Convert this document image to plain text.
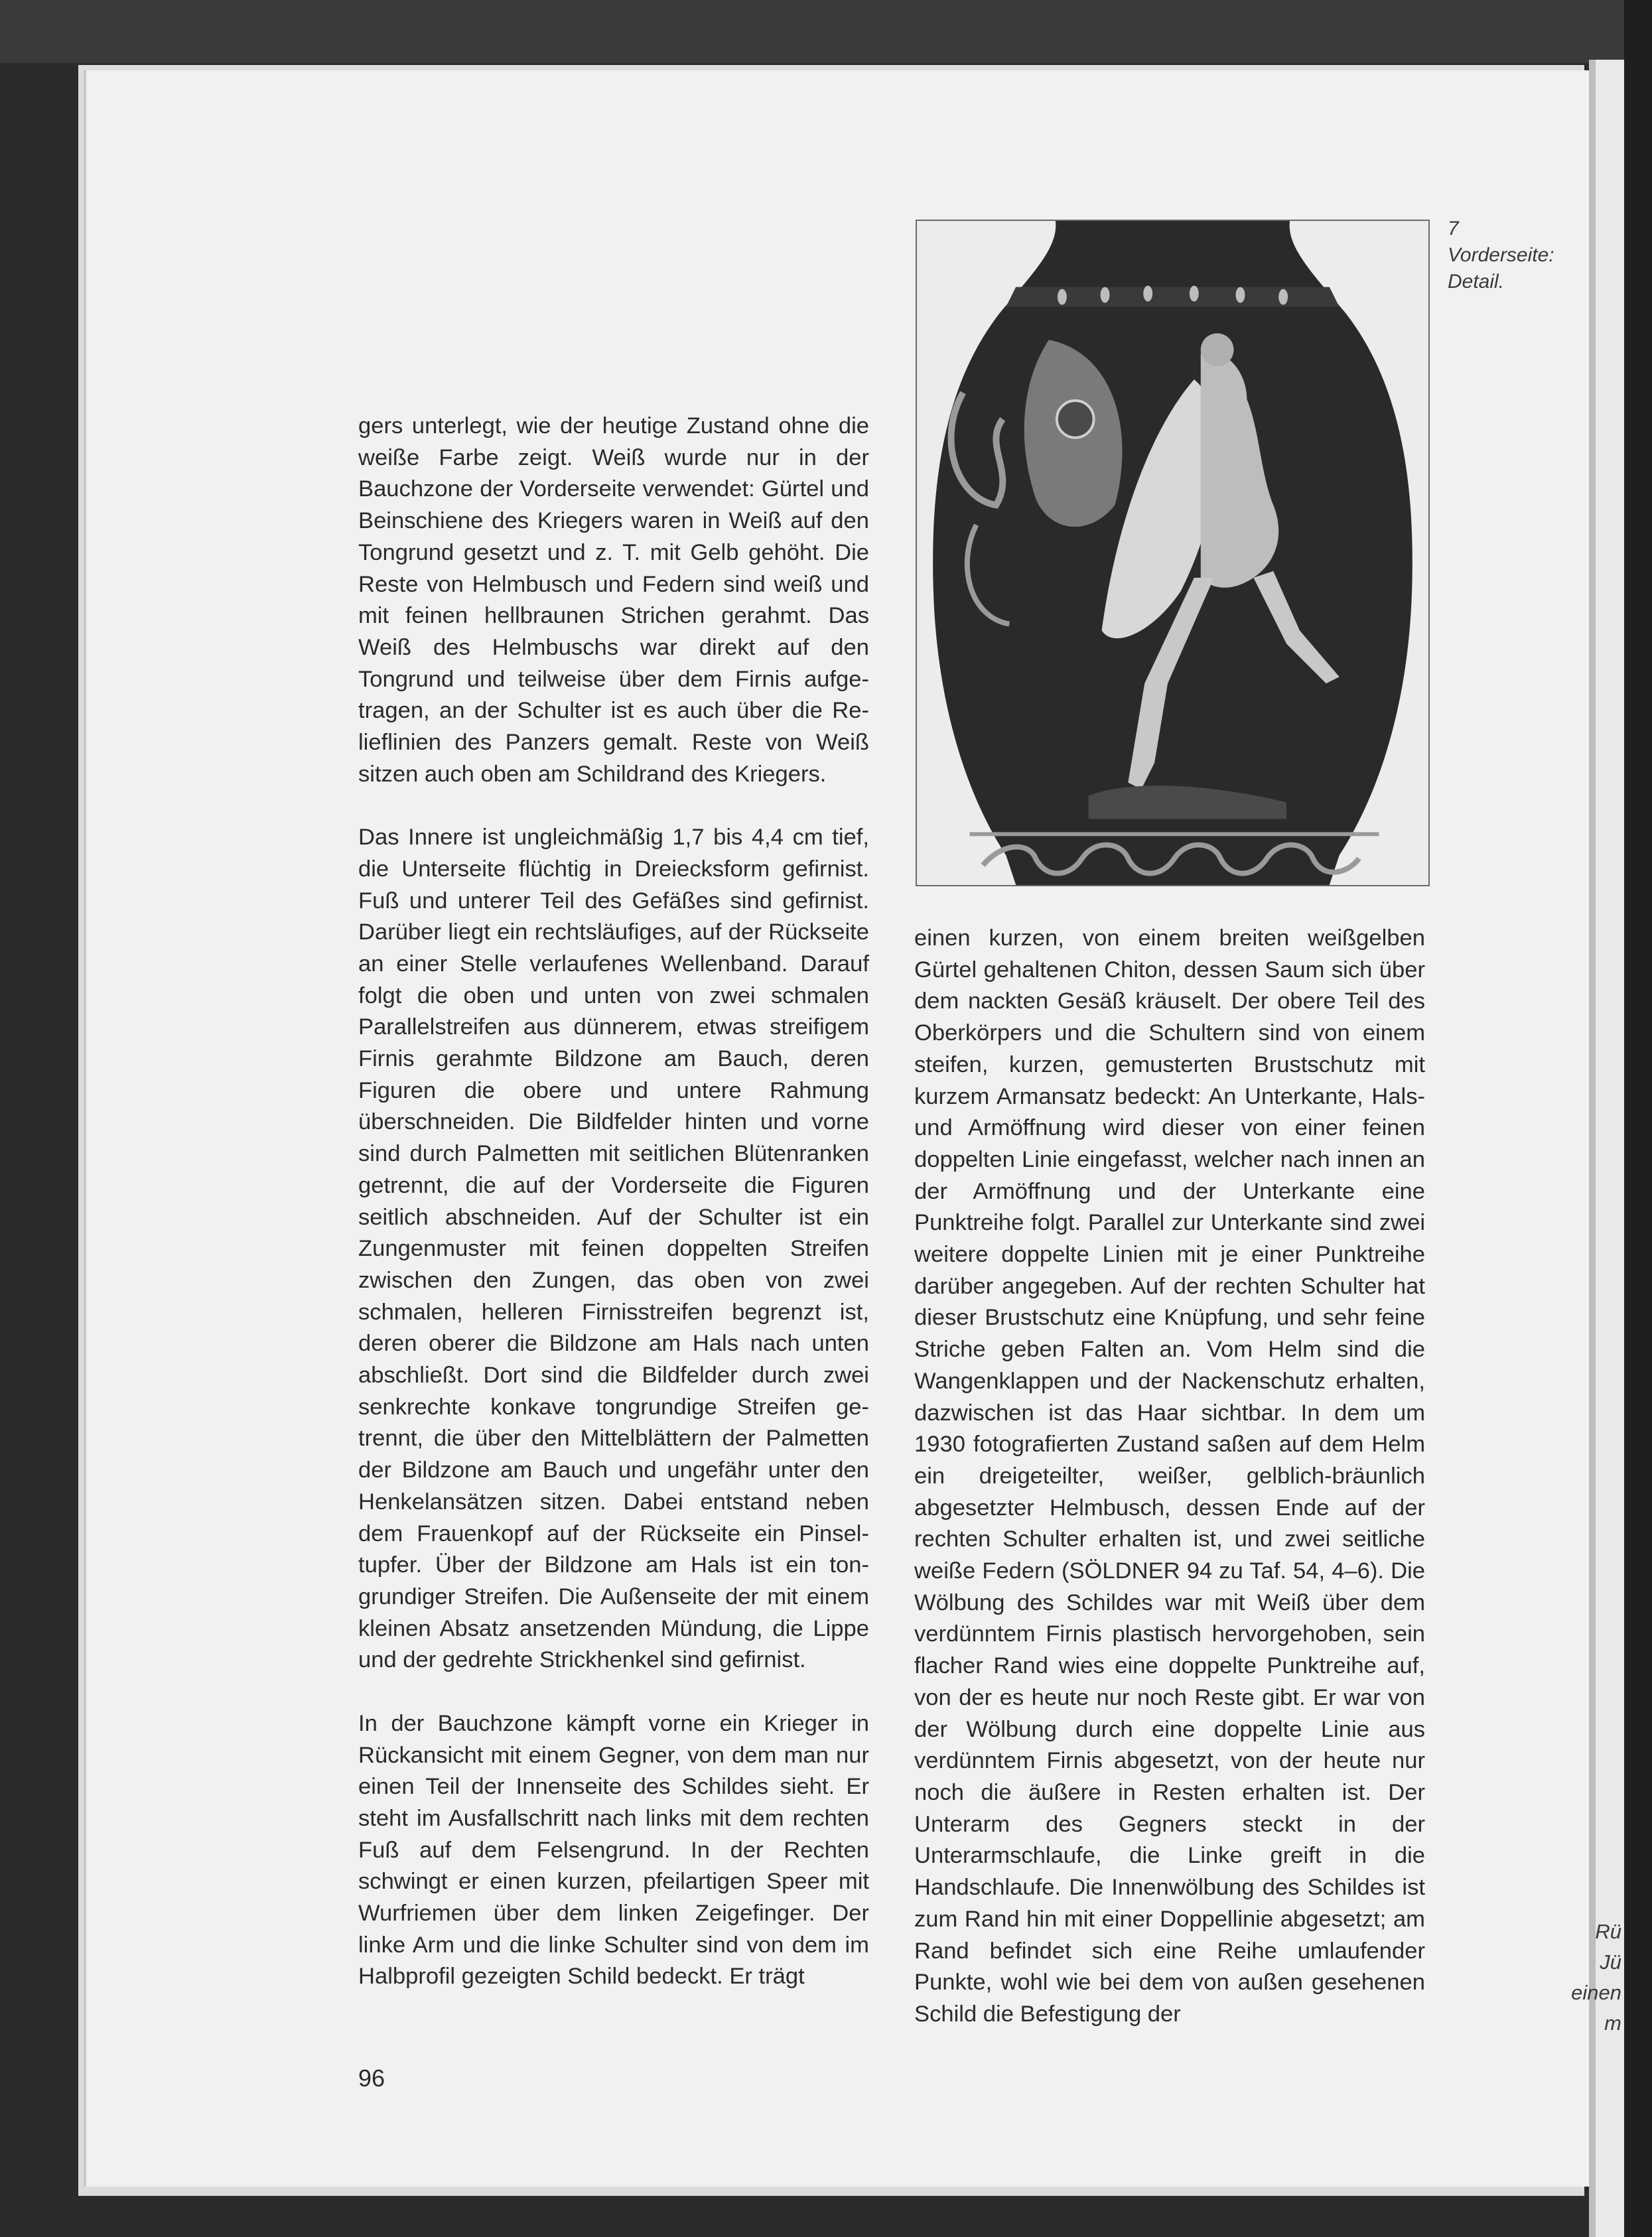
Rü
Jü
einen
m

gers unterlegt, wie der heutige Zustand ohne die weiße Farbe zeigt. Weiß wurde nur in der Bauchzone der Vorderseite verwendet: Gürtel und Beinschiene des Kriegers waren in Weiß auf den Tongrund gesetzt und z. T. mit Gelb gehöht. Die Reste von Helmbusch und Federn sind weiß und mit feinen hellbraunen Strichen gerahmt. Das Weiß des Helmbuschs war direkt auf den Tongrund und teilweise über dem Firnis aufgetragen, an der Schulter ist es auch über die Relieflinien des Panzers gemalt. Reste von Weiß sitzen auch oben am Schildrand des Kriegers.

Das Innere ist ungleichmäßig 1,7 bis 4,4 cm tief, die Unterseite flüchtig in Dreiecksform gefirnist. Fuß und unterer Teil des Gefäßes sind gefirnist. Darüber liegt ein rechtsläufiges, auf der Rückseite an einer Stelle verlaufenes Wellenband. Darauf folgt die oben und unten von zwei schmalen Parallelstreifen aus dünnerem, etwas streifigem Firnis gerahmte Bildzone am Bauch, deren Figuren die obere und untere Rahmung überschneiden. Die Bildfelder hinten und vorne sind durch Palmetten mit seitlichen Blütenranken getrennt, die auf der Vorderseite die Figuren seitlich abschneiden. Auf der Schulter ist ein Zungenmuster mit feinen doppelten Streifen zwischen den Zungen, das oben von zwei schmalen, helleren Firnisstreifen begrenzt ist, deren oberer die Bildzone am Hals nach unten abschließt. Dort sind die Bildfelder durch zwei senkrechte konkave tongrundige Streifen getrennt, die über den Mittelblättern der Palmetten der Bildzone am Bauch und ungefähr unter den Henkelansätzen sitzen. Dabei entstand neben dem Frauenkopf auf der Rückseite ein Pinseltupfer. Über der Bildzone am Hals ist ein tongrundiger Streifen. Die Außenseite der mit einem kleinen Absatz ansetzenden Mündung, die Lippe und der gedrehte Strickhenkel sind gefirnist.

In der Bauchzone kämpft vorne ein Krieger in Rückansicht mit einem Gegner, von dem man nur einen Teil der Innenseite des Schildes sieht. Er steht im Ausfallschritt nach links mit dem rechten Fuß auf dem Felsengrund. In der Rechten schwingt er einen kurzen, pfeilartigen Speer mit Wurfriemen über dem linken Zeigefinger. Der linke Arm und die linke Schulter sind von dem im Halbprofil gezeigten Schild bedeckt. Er trägt

7
Vorderseite:
Detail.

einen kurzen, von einem breiten weißgelben Gürtel gehaltenen Chiton, dessen Saum sich über dem nackten Gesäß kräuselt. Der obere Teil des Oberkörpers und die Schultern sind von einem steifen, kurzen, gemusterten Brustschutz mit kurzem Armansatz bedeckt: An Unterkante, Hals- und Armöffnung wird dieser von einer feinen doppelten Linie eingefasst, welcher nach innen an der Armöffnung und der Unterkante eine Punktreihe folgt. Parallel zur Unterkante sind zwei weitere doppelte Linien mit je einer Punktreihe darüber angegeben. Auf der rechten Schulter hat dieser Brustschutz eine Knüpfung, und sehr feine Striche geben Falten an. Vom Helm sind die Wangenklappen und der Nackenschutz erhalten, dazwischen ist das Haar sichtbar. In dem um 1930 fotografierten Zustand saßen auf dem Helm ein dreigeteilter, weißer, gelblich-bräunlich abgesetzter Helmbusch, dessen Ende auf der rechten Schulter erhalten ist, und zwei seitliche weiße Federn (SÖLDNER 94 zu Taf. 54, 4–6). Die Wölbung des Schildes war mit Weiß über dem verdünntem Firnis plastisch hervorgehoben, sein flacher Rand wies eine doppelte Punktreihe auf, von der es heute nur noch Reste gibt. Er war von der Wölbung durch eine doppelte Linie aus verdünntem Firnis abgesetzt, von der heute nur noch die äußere in Resten erhalten ist. Der Unterarm des Gegners steckt in der Unterarmschlaufe, die Linke greift in die Handschlaufe. Die Innenwölbung des Schildes ist zum Rand hin mit einer Doppellinie abgesetzt; am Rand befindet sich eine Reihe umlaufender Punkte, wohl wie bei dem von außen gesehenen Schild die Befestigung der

96
